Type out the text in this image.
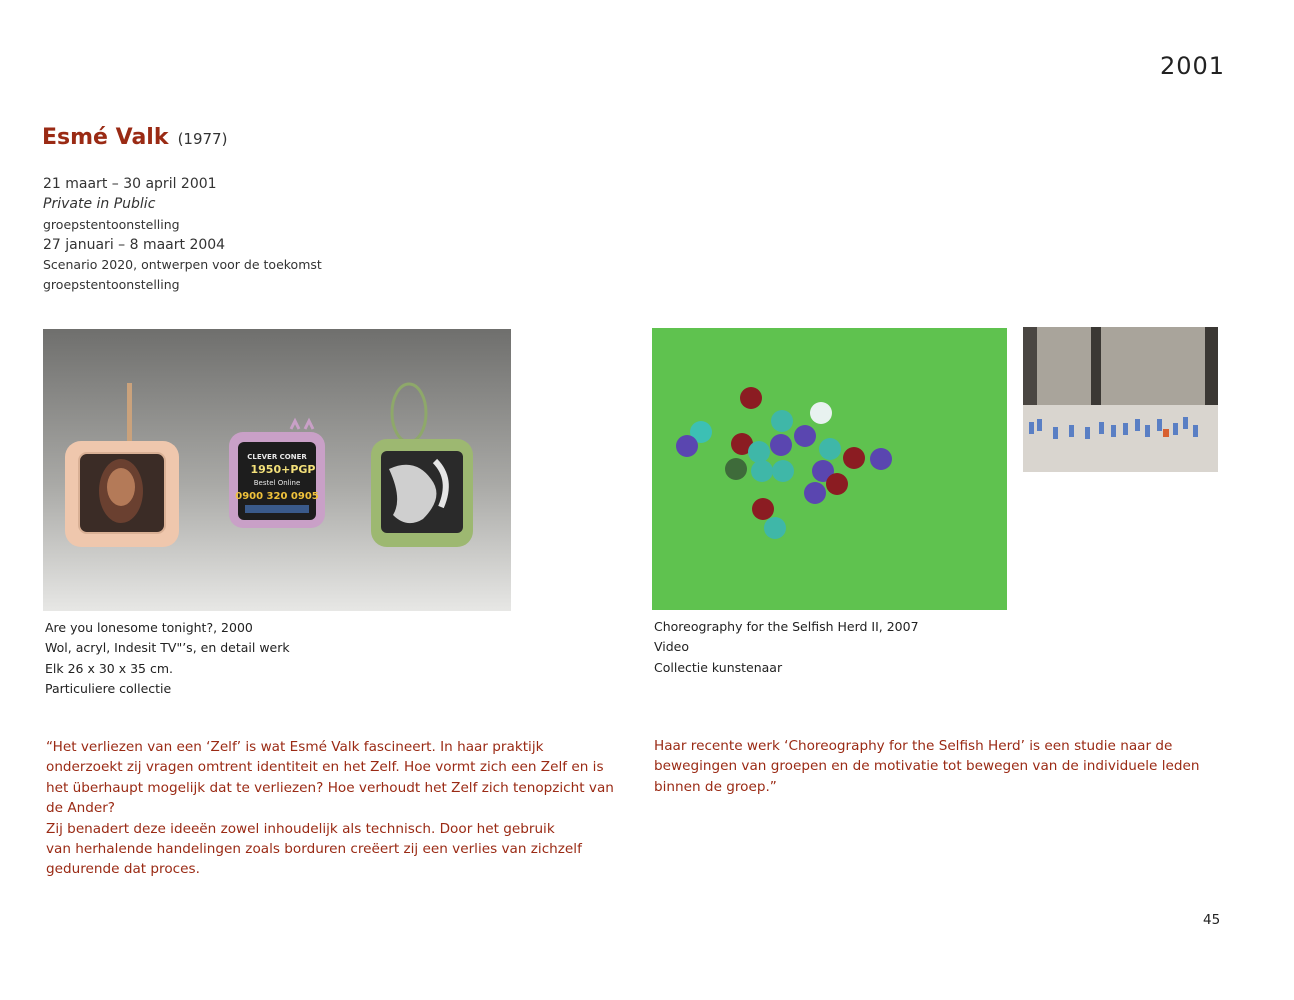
2001
Esmé Valk (1977)
21 maart – 30 april 2001
Private in Public
groepstentoonstelling
27 januari – 8 maart 2004
Scenario 2020, ontwerpen voor de toekomst
groepstentoonstelling
CLEVER CONER
1950+PGP
Bestel Online
0900 320 0905
Are you lonesome tonight?, 2000
Wol, acryl, Indesit TV"’s, en detail werk
Elk 26 x 30 x 35 cm.
Particuliere collectie
Choreography for the Selfish Herd II, 2007
Video
Collectie kunstenaar
“Het verliezen van een ‘Zelf’ is wat Esmé Valk fascineert. In haar praktijk
onderzoekt zij vragen omtrent identiteit en het Zelf. Hoe vormt zich een Zelf en is
het überhaupt mogelijk dat te verliezen? Hoe verhoudt het Zelf zich tenopzicht van
de Ander?
Zij benadert deze ideeën zowel inhoudelijk als technisch. Door het gebruik
van herhalende handelingen zoals borduren creëert zij een verlies van zichzelf
gedurende dat proces.
Haar recente werk ‘Choreography for the Selfish Herd’ is een studie naar de
bewegingen van groepen en de motivatie tot bewegen van de individuele leden
binnen de groep.”
45
